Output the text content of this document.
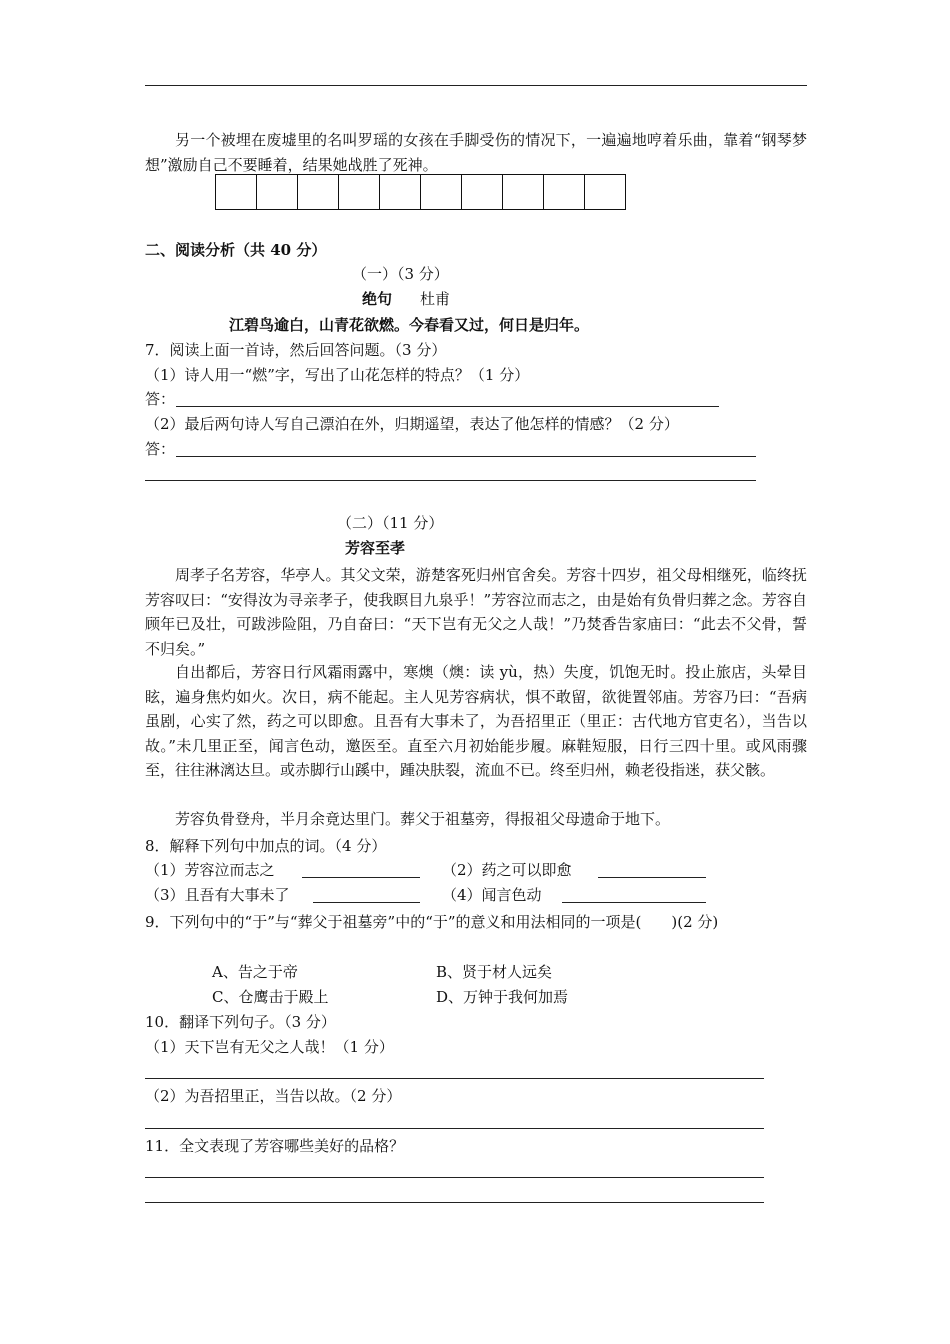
另一个被埋在废墟里的名叫罗瑶的女孩在手脚受伤的情况下，一遍遍地哼着乐曲，靠着“钢琴梦想”激励自己不要睡着，结果她战胜了死神。
二、阅读分析（共 40 分）
（一）（3 分）
绝句 杜甫
江碧鸟逾白，山青花欲燃。今春看又过，何日是归年。
7．阅读上面一首诗，然后回答问题。（3 分）
（1）诗人用一“燃”字，写出了山花怎样的特点？（1 分）
答：
（2）最后两句诗人写自己漂泊在外，归期遥望，表达了他怎样的情感？（2 分）
答：
（二）（11 分）
芳容至孝
周孝子名芳容，华亭人。其父文荣，游楚客死归州官舍矣。芳容十四岁，祖父母相继死，临终抚芳容叹曰：“安得汝为寻亲孝子，使我瞑目九泉乎！”芳容泣而志之，由是始有负骨归葬之念。芳容自顾年已及壮，可跋涉险阻，乃自奋曰：“天下岂有无父之人哉！”乃焚香告家庙曰：“此去不父骨，誓不归矣。”
自出都后，芳容日行风霜雨露中，寒燠（燠：读 yù，热）失度，饥饱无时。投止旅店，头晕目眩，遍身焦灼如火。次日，病不能起。主人见芳容病状，惧不敢留，欲徙置邻庙。芳容乃曰：“吾病虽剧，心实了然，药之可以即愈。且吾有大事未了，为吾招里正（里正：古代地方官吏名），当告以故。”未几里正至，闻言色动，邀医至。直至六月初始能步履。麻鞋短服，日行三四十里。或风雨骤至，往往淋漓达旦。或赤脚行山蹊中，踵决肤裂，流血不已。终至归州，赖老役指迷，获父骸。
芳容负骨登舟，半月余竟达里门。葬父于祖墓旁，得报祖父母遗命于地下。
8．解释下列句中加点的词。（4 分）
（1）芳容泣而志之	（2）药之可以即愈
（3）且吾有大事未了	（4）闻言色动
9．下列句中的“于”与“葬父于祖墓旁”中的“于”的意义和用法相同的一项是(　　)(2 分)
A、告之于帝	B、贤于材人远矣
C、仓鹰击于殿上	D、万钟于我何加焉
10．翻译下列句子。（3 分）
（1）天下岂有无父之人哉！（1 分）
（2）为吾招里正，当告以故。（2 分）
11．全文表现了芳容哪些美好的品格？
